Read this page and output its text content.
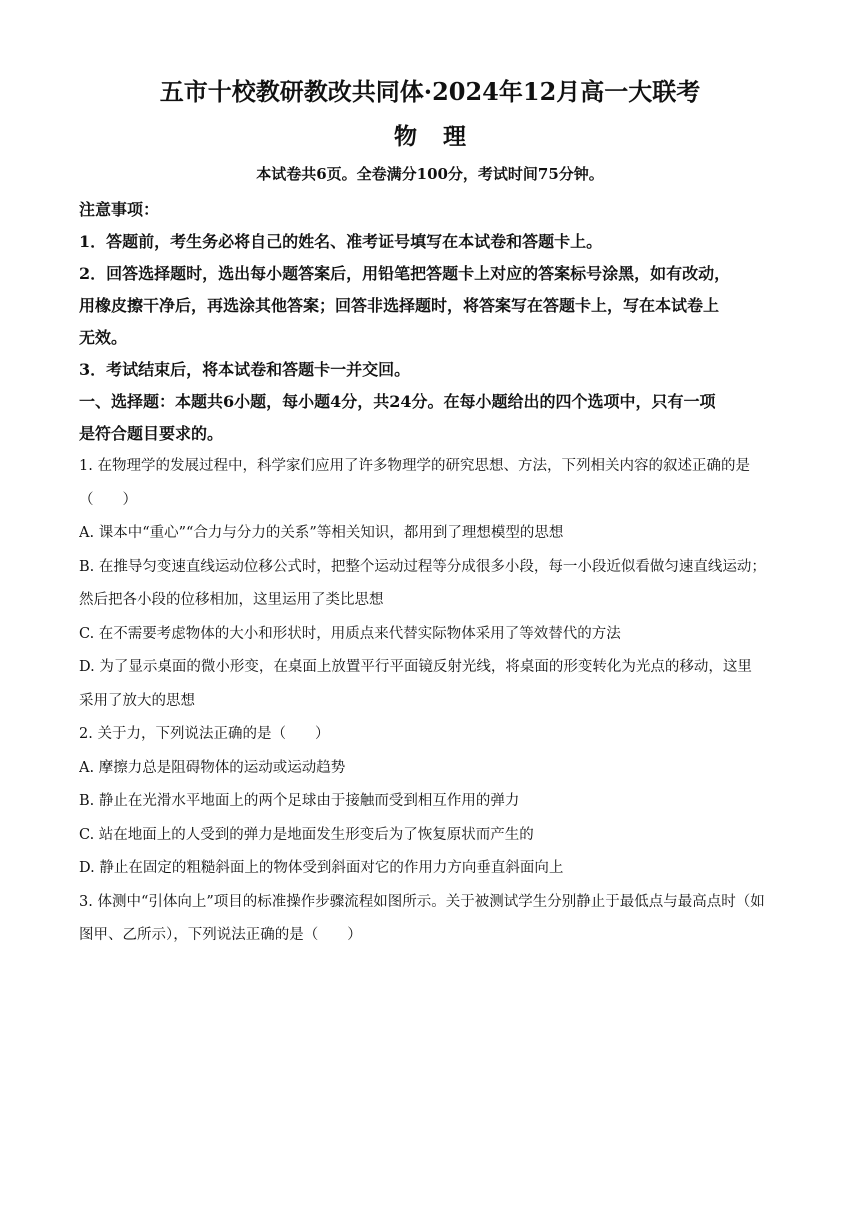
五市十校教研教改共同体·2024年12月高一大联考
物理
本试卷共6页。全卷满分100分，考试时间75分钟。
注意事项：
1．答题前，考生务必将自己的姓名、准考证号填写在本试卷和答题卡上。
2．回答选择题时，选出每小题答案后，用铅笔把答题卡上对应的答案标号涂黑，如有改动，
用橡皮擦干净后，再选涂其他答案；回答非选择题时，将答案写在答题卡上，写在本试卷上
无效。
3．考试结束后，将本试卷和答题卡一并交回。
一、选择题：本题共6小题，每小题4分，共24分。在每小题给出的四个选项中，只有一项
是符合题目要求的。
1. 在物理学的发展过程中，科学家们应用了许多物理学的研究思想、方法，下列相关内容的叙述正确的是
（　　）
A. 课本中“重心”“合力与分力的关系”等相关知识，都用到了理想模型的思想
B. 在推导匀变速直线运动位移公式时，把整个运动过程等分成很多小段，每一小段近似看做匀速直线运动；
然后把各小段的位移相加，这里运用了类比思想
C. 在不需要考虑物体的大小和形状时，用质点来代替实际物体采用了等效替代的方法
D. 为了显示桌面的微小形变，在桌面上放置平行平面镜反射光线，将桌面的形变转化为光点的移动，这里
采用了放大的思想
2. 关于力，下列说法正确的是（　　）
A. 摩擦力总是阻碍物体的运动或运动趋势
B. 静止在光滑水平地面上的两个足球由于接触而受到相互作用的弹力
C. 站在地面上的人受到的弹力是地面发生形变后为了恢复原状而产生的
D. 静止在固定的粗糙斜面上的物体受到斜面对它的作用力方向垂直斜面向上
3. 体测中“引体向上”项目的标准操作步骤流程如图所示。关于被测试学生分别静止于最低点与最高点时（如
图甲、乙所示），下列说法正确的是（　　）
